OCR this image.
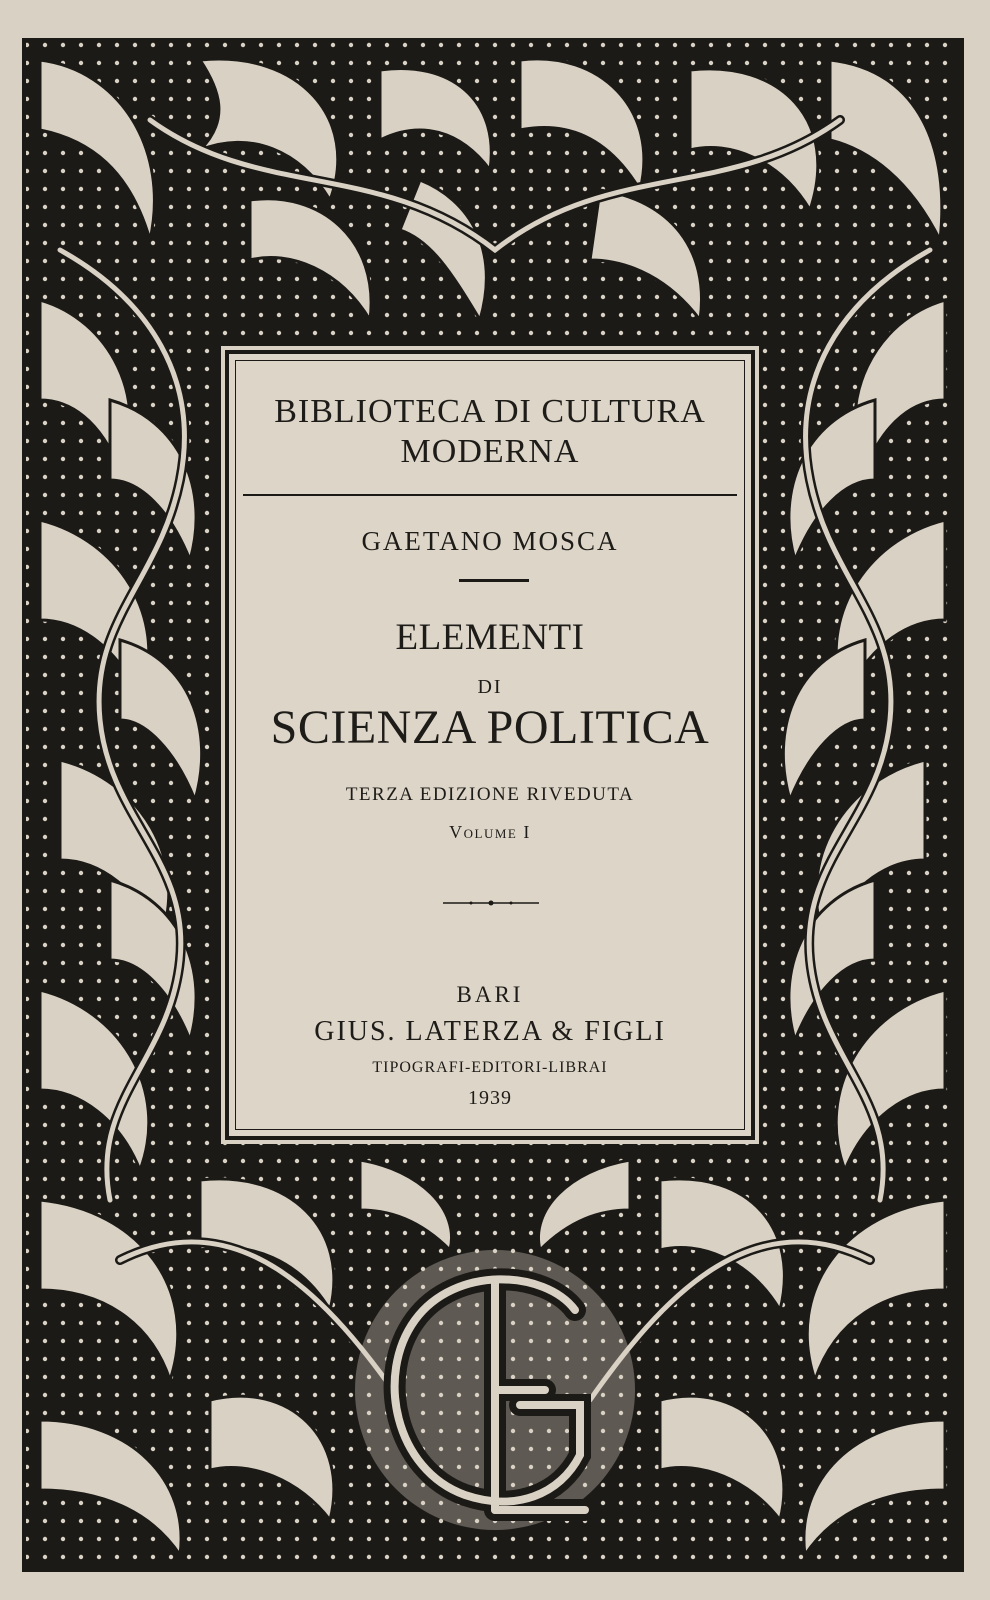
BIBLIOTECA DI CULTURA
MODERNA
GAETANO MOSCA
ELEMENTI
DI
SCIENZA POLITICA
TERZA EDIZIONE RIVEDUTA
Volume I
BARI
GIUS. LATERZA & FIGLI
TIPOGRAFI-EDITORI-LIBRAI
1939
